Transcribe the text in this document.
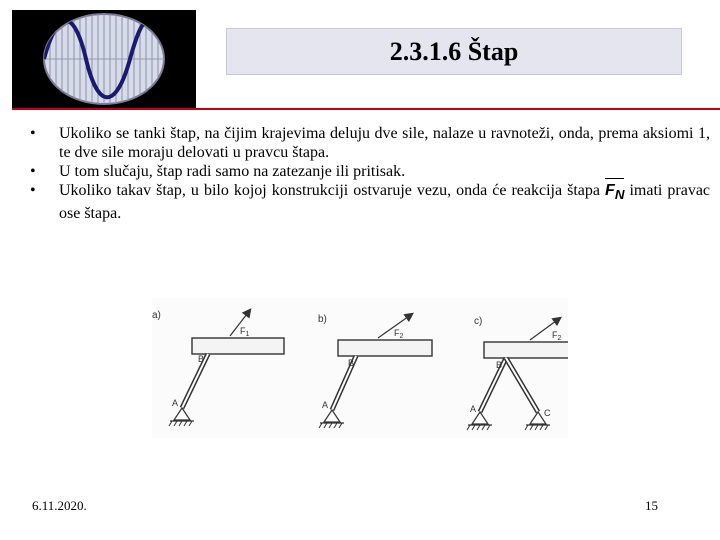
2.3.1.6 Štap

• Ukoliko se tanki štap, na čijim krajevima deluju dve sile, nalaze u ravnoteži, onda, prema aksiomi 1, te dve sile moraju delovati u pravcu štapa.

• U tom slučaju, štap radi samo na zatezanje ili pritisak.

• Ukoliko takav štap, u bilo kojoj konstrukciji ostvaruje vezu, onda će reakcija štapa $F_N$ imati pravac ose štapa.

a)
$F_1$
B
A
b)
$F_2$
B
A
c)
$F_2$
B
A	C
6.11.2020.	15
